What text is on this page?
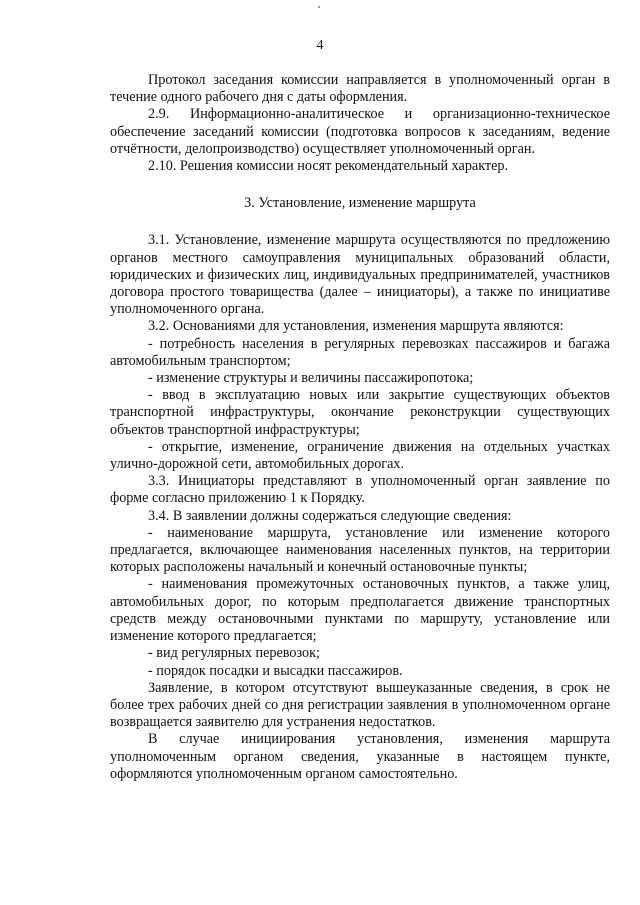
4

Протокол заседания комиссии направляется в уполномоченный орган в течение одного рабочего дня с даты оформления.

2.9. Информационно-аналитическое и организационно-техническое обеспечение заседаний комиссии (подготовка вопросов к заседаниям, ведение отчётности, делопроизводство) осуществляет уполномоченный орган.

2.10. Решения комиссии носят рекомендательный характер.

3. Установление, изменение маршрута

3.1. Установление, изменение маршрута осуществляются по предложению органов местного самоуправления муниципальных образований области, юридических и физических лиц, индивидуальных предпринимателей, участников договора простого товарищества (далее – инициаторы), а также по инициативе уполномоченного органа.

3.2. Основаниями для установления, изменения маршрута являются:

- потребность населения в регулярных перевозках пассажиров и багажа автомобильным транспортом;

- изменение структуры и величины пассажиропотока;

- ввод в эксплуатацию новых или закрытие существующих объектов транспортной инфраструктуры, окончание реконструкции существующих объектов транспортной инфраструктуры;

- открытие, изменение, ограничение движения на отдельных участках улично-дорожной сети, автомобильных дорогах.

3.3. Инициаторы представляют в уполномоченный орган заявление по форме согласно приложению 1 к Порядку.

3.4. В заявлении должны содержаться следующие сведения:

- наименование маршрута, установление или изменение которого предлагается, включающее наименования населенных пунктов, на территории которых расположены начальный и конечный остановочные пункты;

- наименования промежуточных остановочных пунктов, а также улиц, автомобильных дорог, по которым предполагается движение транспортных средств между остановочными пунктами по маршруту, установление или изменение которого предлагается;

- вид регулярных перевозок;

- порядок посадки и высадки пассажиров.

Заявление, в котором отсутствуют вышеуказанные сведения, в срок не более трех рабочих дней со дня регистрации заявления в уполномоченном органе возвращается заявителю для устранения недостатков.

В случае инициирования установления, изменения маршрута уполномоченным органом сведения, указанные в настоящем пункте, оформляются уполномоченным органом самостоятельно.
